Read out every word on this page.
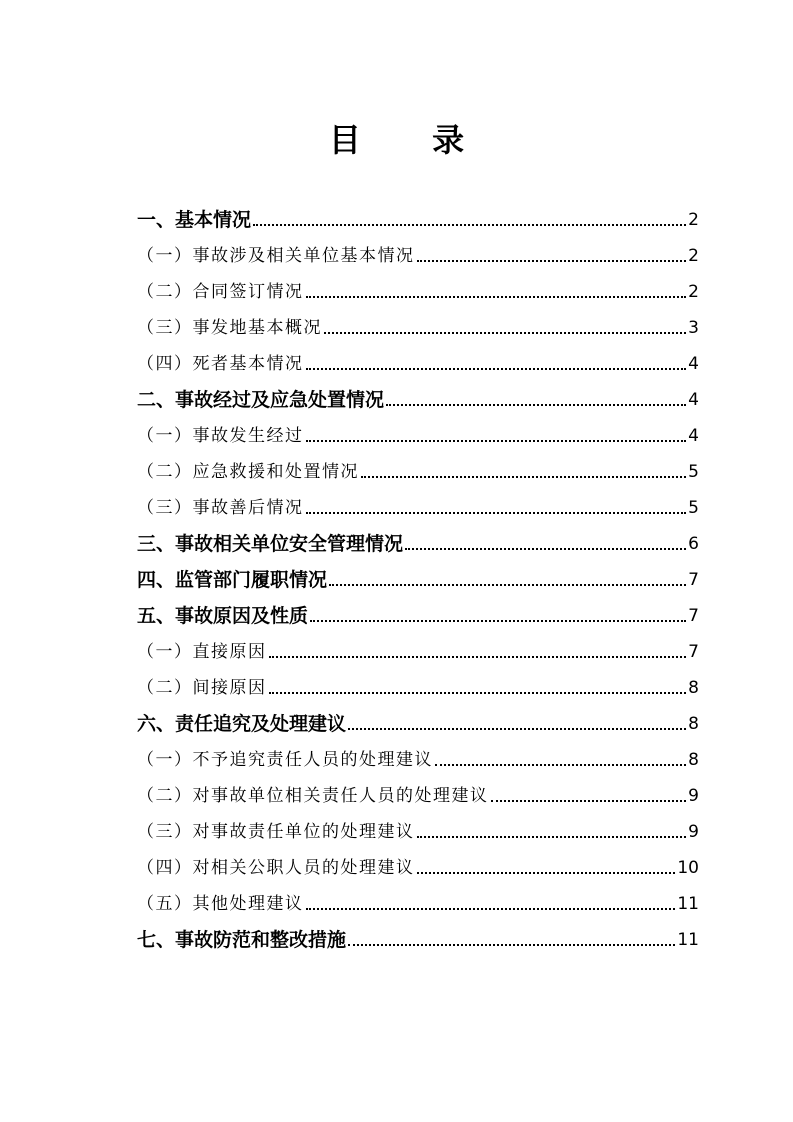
目 录
一、基本情况	2
（一）事故涉及相关单位基本情况	2
（二）合同签订情况	2
（三）事发地基本概况	3
（四）死者基本情况	4
二、事故经过及应急处置情况	4
（一）事故发生经过	4
（二）应急救援和处置情况	5
（三）事故善后情况	5
三、事故相关单位安全管理情况	6
四、监管部门履职情况	7
五、事故原因及性质	7
（一）直接原因	7
（二）间接原因	8
六、责任追究及处理建议	8
（一）不予追究责任人员的处理建议	8
（二）对事故单位相关责任人员的处理建议	9
（三）对事故责任单位的处理建议	9
（四）对相关公职人员的处理建议	10
（五）其他处理建议	11
七、事故防范和整改措施	11
